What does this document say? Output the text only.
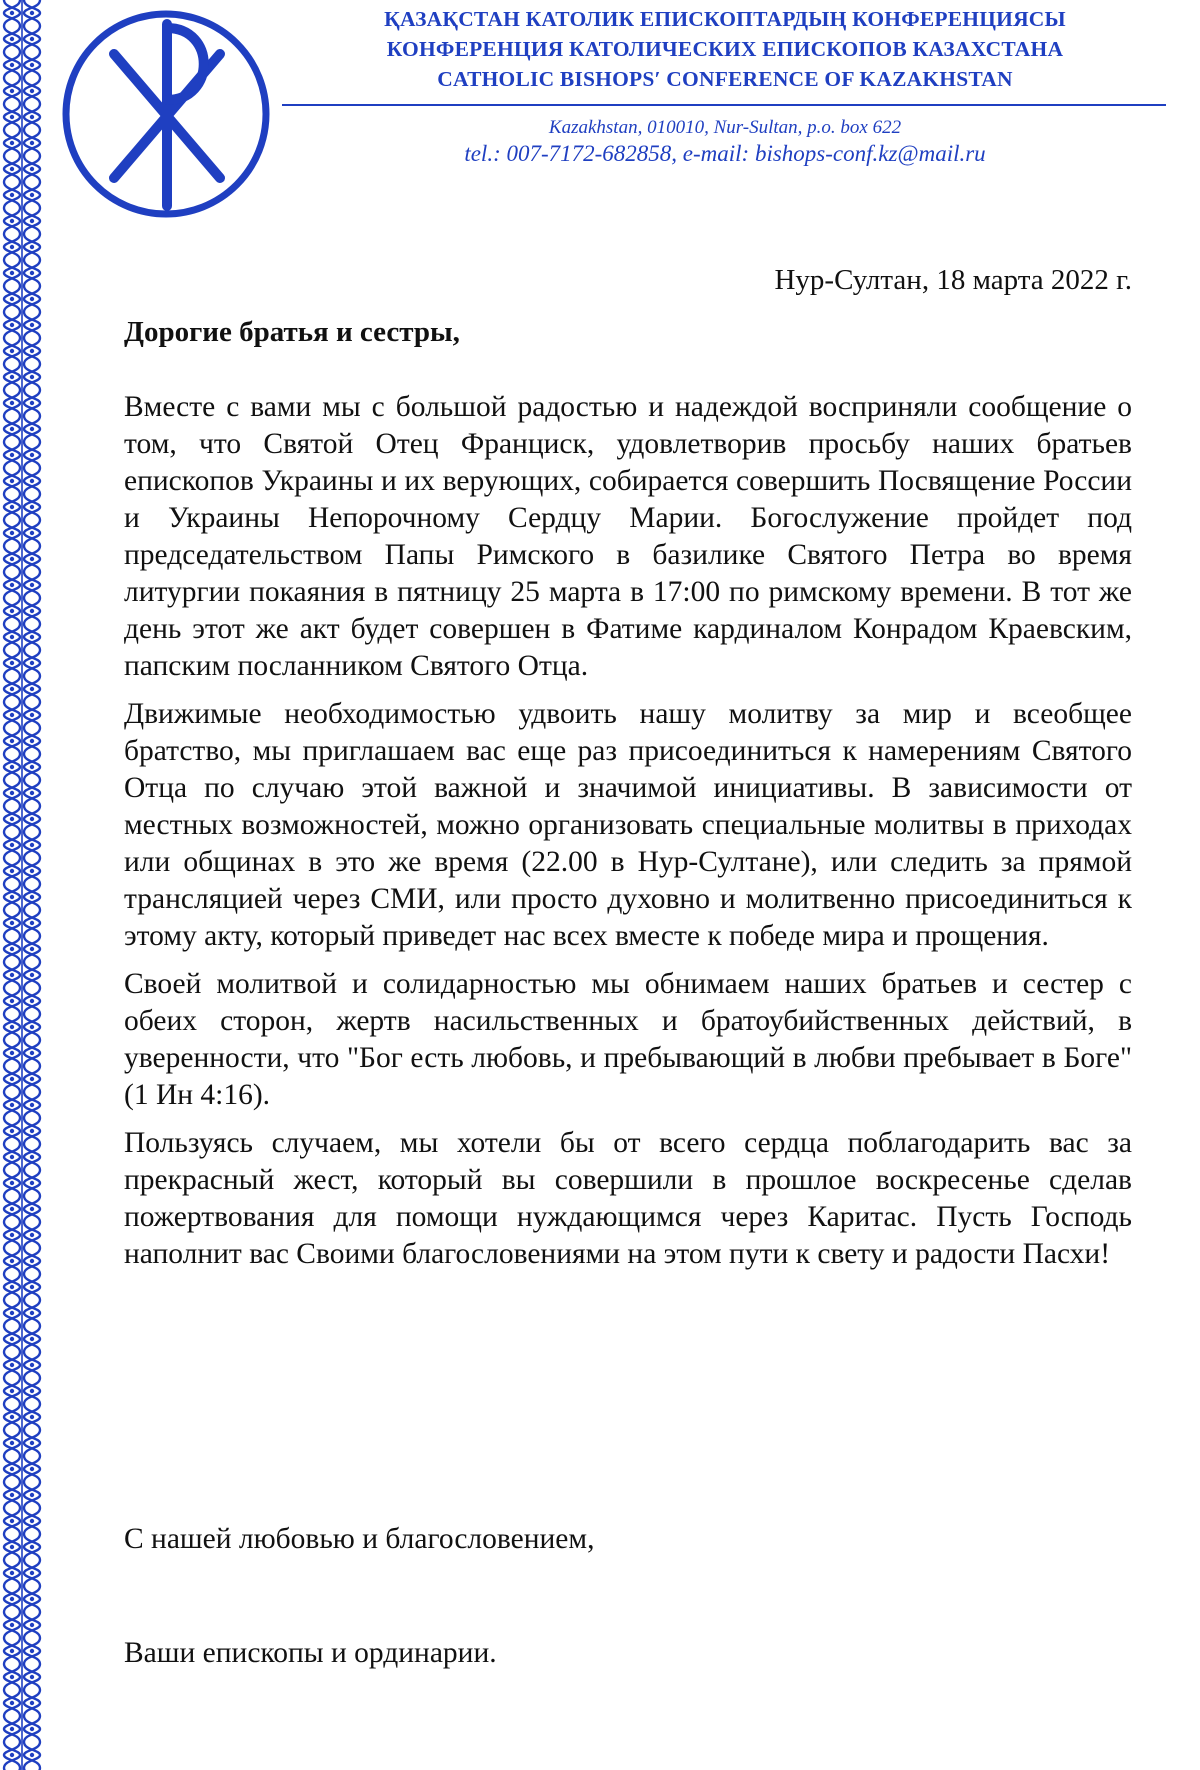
ҚАЗАҚСТАН КАТОЛИК ЕПИСКОПТАРДЫҢ КОНФЕРЕНЦИЯСЫ
КОНФЕРЕНЦИЯ КАТОЛИЧЕСКИХ ЕПИСКОПОВ КАЗАХСТАНА
CATHOLIC BISHOPS′ CONFERENCE OF KAZAKHSTAN
Kazakhstan, 010010, Nur-Sultan, p.o. box 622
tel.: 007-7172-682858, e-mail: bishops-conf.kz@mail.ru
Нур-Султан, 18 марта 2022 г.
Дорогие братья и сестры,

Вместе с вами мы с большой радостью и надеждой восприняли сообщение о том, что Святой Отец Франциск, удовлетворив просьбу наших братьев епископов Украины и их верующих, собирается совершить Посвящение России и Украины Непорочному Сердцу Марии. Богослужение пройдет под председательством Папы Римского в базилике Святого Петра во время литургии покаяния в пятницу 25 марта в 17:00 по римскому времени. В тот же день этот же акт будет совершен в Фатиме кардиналом Конрадом Краевским, папским посланником Святого Отца.

Движимые необходимостью удвоить нашу молитву за мир и всеобщее братство, мы приглашаем вас еще раз присоединиться к намерениям Святого Отца по случаю этой важной и значимой инициативы. В зависимости от местных возможностей, можно организовать специальные молитвы в приходах или общинах в это же время (22.00 в Нур-Султане), или следить за прямой трансляцией через СМИ, или просто духовно и молитвенно присоединиться к этому акту, который приведет нас всех вместе к победе мира и прощения.

Своей молитвой и солидарностью мы обнимаем наших братьев и сестер с обеих сторон, жертв насильственных и братоубийственных действий, в уверенности, что "Бог есть любовь, и пребывающий в любви пребывает в Боге" (1 Ин 4:16).

Пользуясь случаем, мы хотели бы от всего сердца поблагодарить вас за прекрасный жест, который вы совершили в прошлое воскресенье сделав пожертвования для помощи нуждающимся через Каритас. Пусть Господь наполнит вас Своими благословениями на этом пути к свету и радости Пасхи!

С нашей любовью и благословением,
Ваши епископы и ординарии.
